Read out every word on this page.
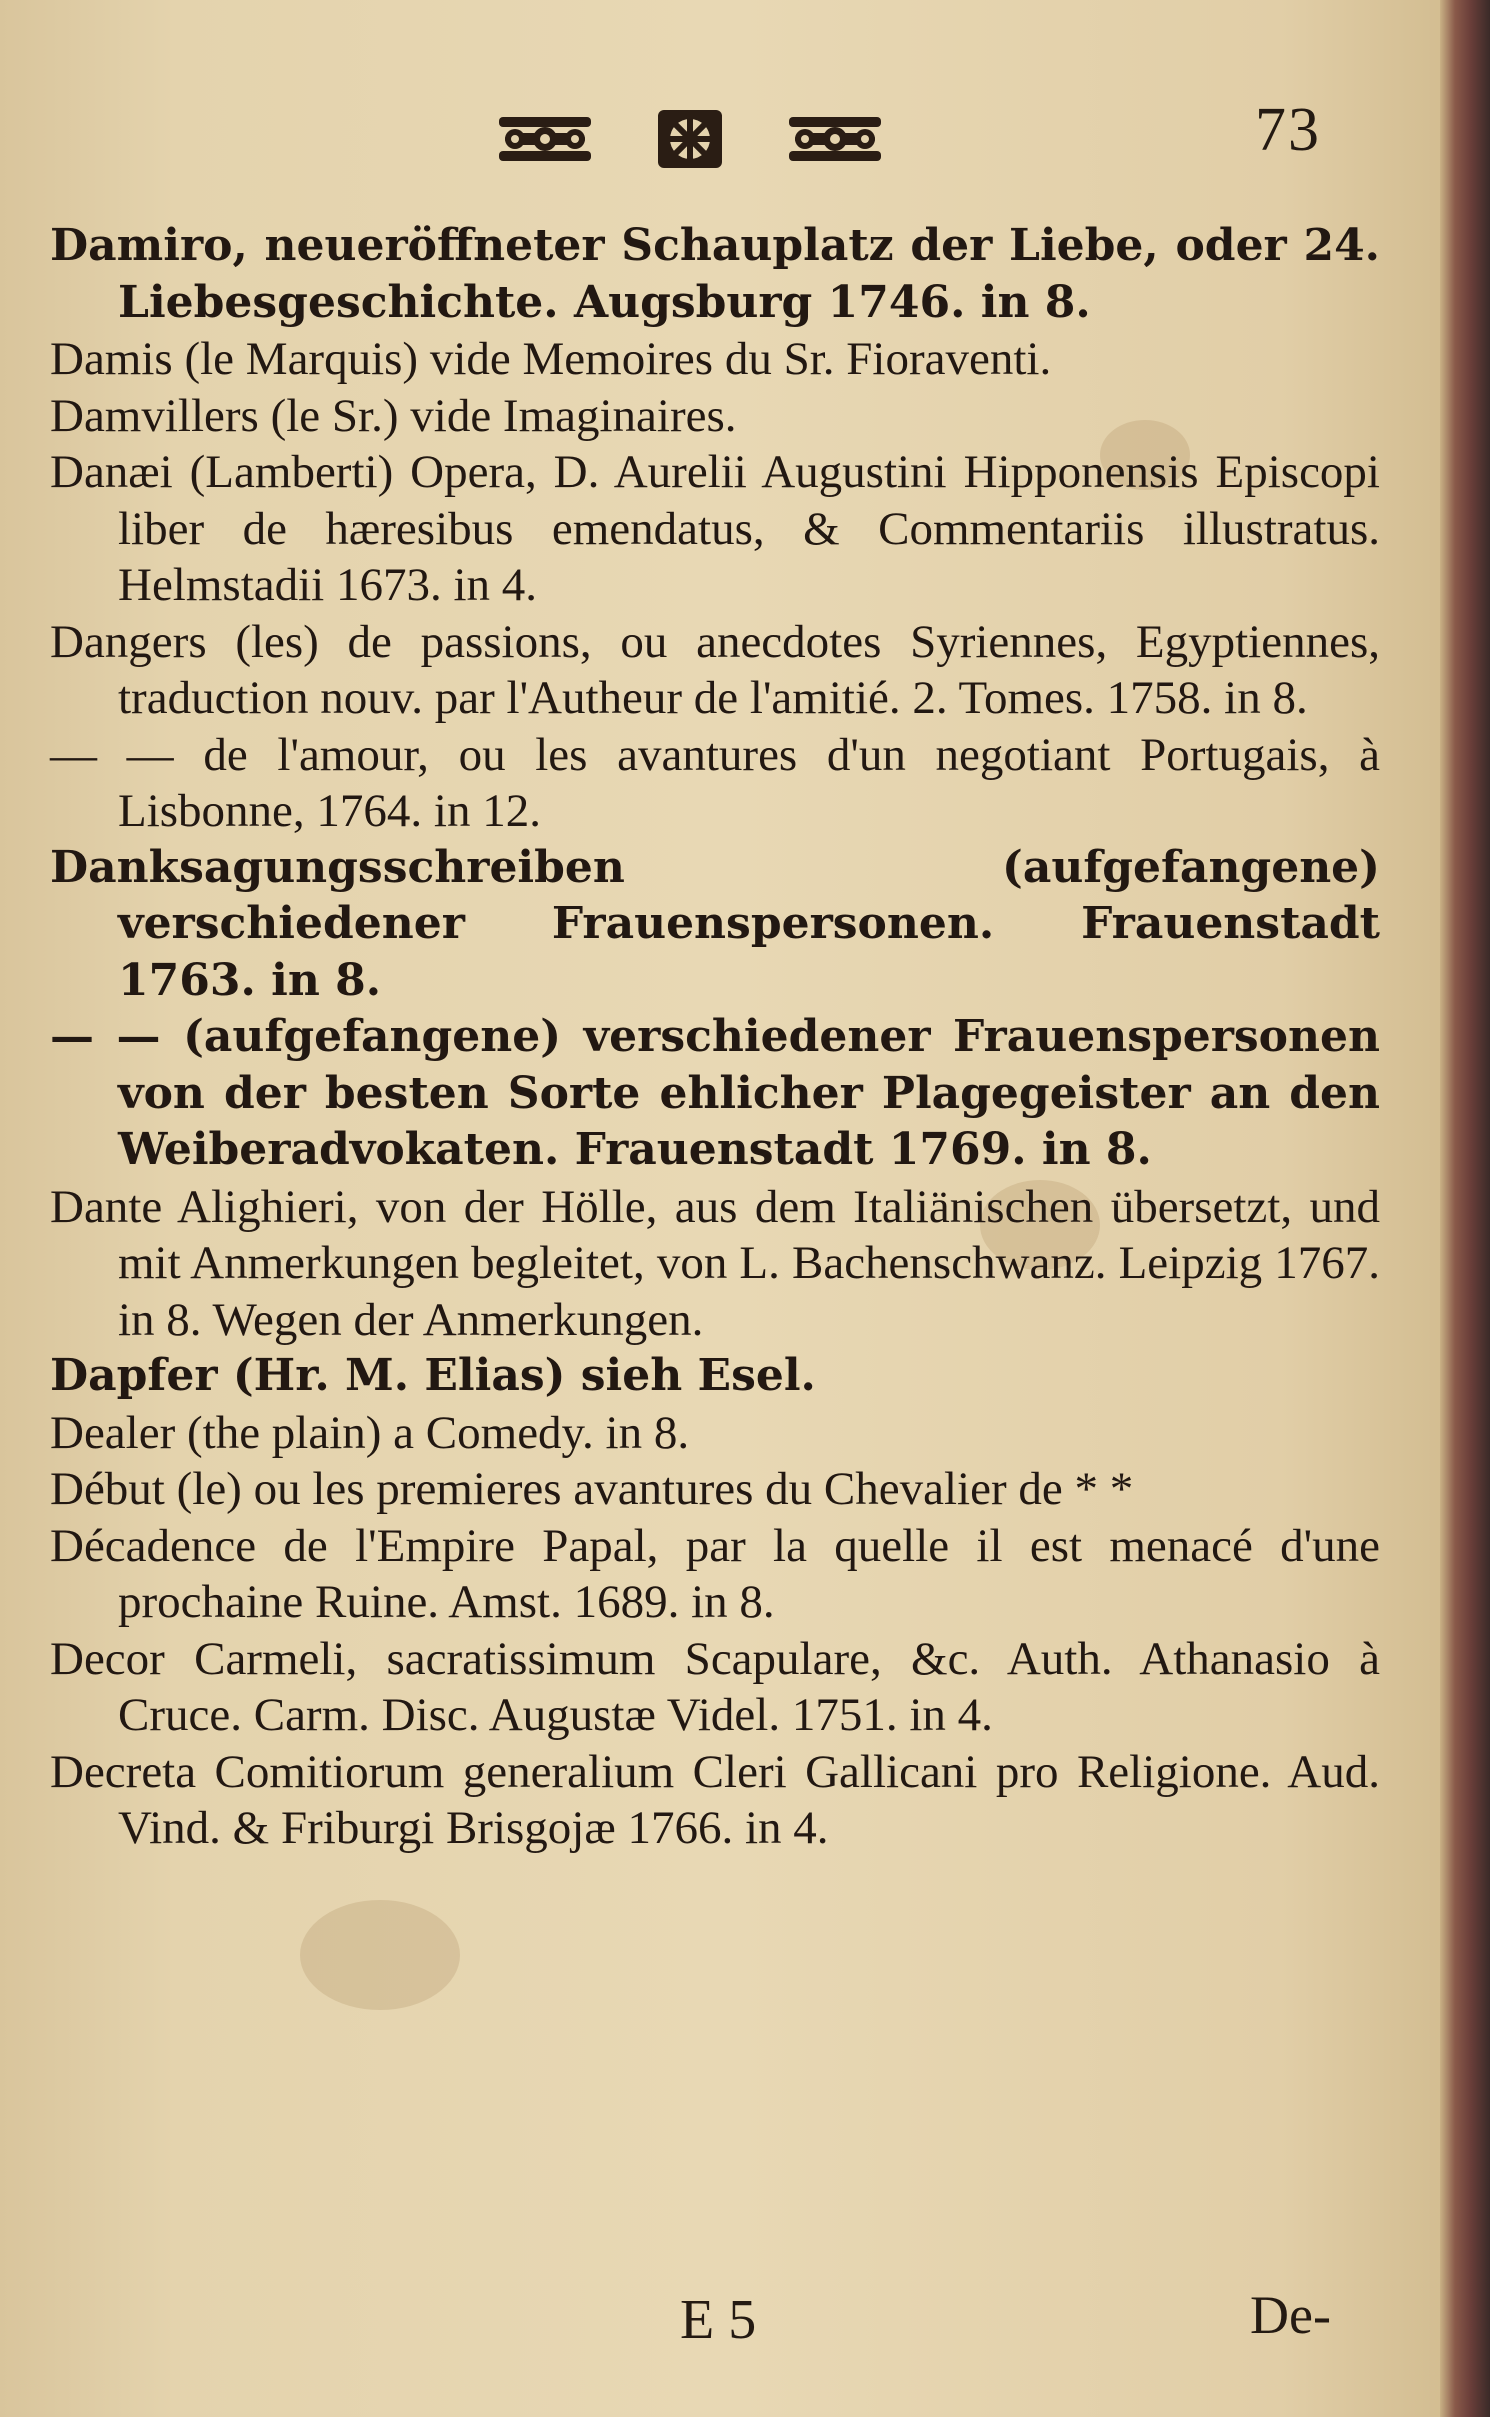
73
Damiro, neueröffneter Schauplatz der Liebe, oder 24. Liebesgeschichte. Augsburg 1746. in 8.
Damis (le Marquis) vide Memoires du Sr. Fioraventi.
Damvillers (le Sr.) vide Imaginaires.
Danæi (Lamberti) Opera, D. Aurelii Augustini Hipponensis Episcopi liber de hæresibus emendatus, & Commentariis illustratus. Helmstadii 1673. in 4.
Dangers (les) de passions, ou anecdotes Syriennes, Egyptiennes, traduction nouv. par l'Autheur de l'amitié. 2. Tomes. 1758. in 8.
— — de l'amour, ou les avantures d'un negotiant Portugais, à Lisbonne, 1764. in 12.
Danksagungsschreiben (aufgefangene) verschiedener Frauenspersonen. Frauenstadt 1763. in 8.
— — (aufgefangene) verschiedener Frauenspersonen von der besten Sorte ehlicher Plagegeister an den Weiberadvokaten. Frauenstadt 1769. in 8.
Dante Alighieri, von der Hölle, aus dem Italiänischen übersetzt, und mit Anmerkungen begleitet, von L. Bachenschwanz. Leipzig 1767. in 8. Wegen der Anmerkungen.
Dapfer (Hr. M. Elias) sieh Esel.
Dealer (the plain) a Comedy. in 8.
Début (le) ou les premieres avantures du Chevalier de * *
Décadence de l'Empire Papal, par la quelle il est menacé d'une prochaine Ruine. Amst. 1689. in 8.
Decor Carmeli, sacratissimum Scapulare, &c. Auth. Athanasio à Cruce. Carm. Disc. Augustæ Videl. 1751. in 4.
Decreta Comitiorum generalium Cleri Gallicani pro Religione. Aud. Vind. & Friburgi Brisgojæ 1766. in 4.
E 5	De-
